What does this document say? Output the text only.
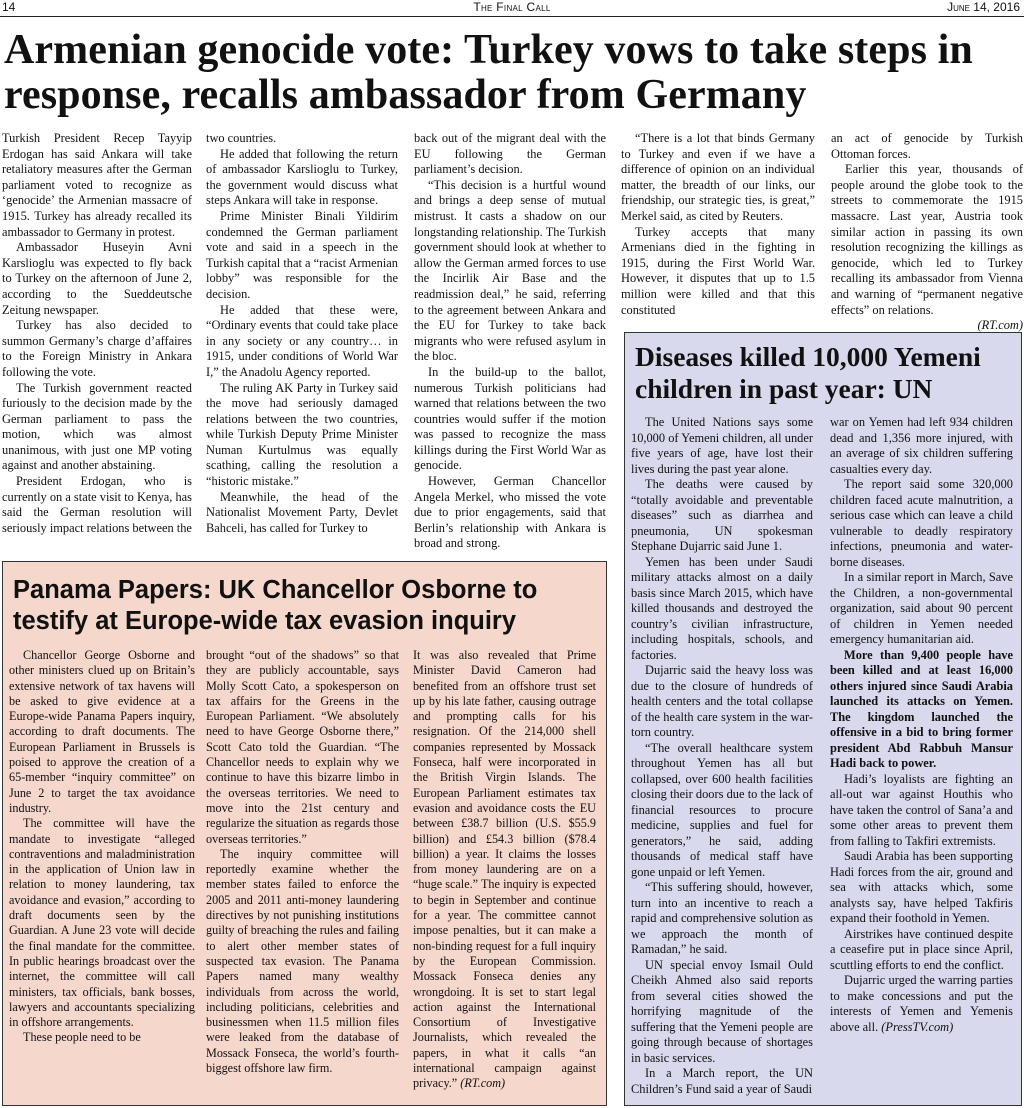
14	The Final Call	June 14, 2016
Armenian genocide vote: Turkey vows to take steps in response, recalls ambassador from Germany

Turkish President Recep Tayyip Erdogan has said Ankara will take retaliatory measures after the German parliament voted to recognize as ‘genocide’ the Armenian massacre of 1915. Turkey has already recalled its ambassador to Germany in protest.

Ambassador Huseyin Avni Karslioglu was expected to fly back to Turkey on the afternoon of June 2, according to the Sueddeutsche Zeitung newspaper.

Turkey has also decided to summon Germany’s charge d’affaires to the Foreign Ministry in Ankara following the vote.

The Turkish government reacted furiously to the decision made by the German parliament to pass the motion, which was almost unanimous, with just one MP voting against and another abstaining.

President Erdogan, who is currently on a state visit to Kenya, has said the German resolution will seriously impact relations between the

two countries.

He added that following the return of ambassador Karslioglu to Turkey, the government would discuss what steps Ankara will take in response.

Prime Minister Binali Yildirim condemned the German parliament vote and said in a speech in the Turkish capital that a “racist Armenian lobby” was responsible for the decision.

He added that these were, “Ordinary events that could take place in any society or any country… in 1915, under conditions of World War I,” the Anadolu Agency reported.

The ruling AK Party in Turkey said the move had seriously damaged relations between the two countries, while Turkish Deputy Prime Minister Numan Kurtulmus was equally scathing, calling the resolution a “historic mistake.”

Meanwhile, the head of the Nationalist Movement Party, Devlet Bahceli, has called for Turkey to

back out of the migrant deal with the EU following the German parliament’s decision.

“This decision is a hurtful wound and brings a deep sense of mutual mistrust. It casts a shadow on our longstanding relationship. The Turkish government should look at whether to allow the German armed forces to use the Incirlik Air Base and the readmission deal,” he said, referring to the agreement between Ankara and the EU for Turkey to take back migrants who were refused asylum in the bloc.

In the build-up to the ballot, numerous Turkish politicians had warned that relations between the two countries would suffer if the motion was passed to recognize the mass killings during the First World War as genocide.

However, German Chancellor Angela Merkel, who missed the vote due to prior engagements, said that Berlin’s relationship with Ankara is broad and strong.

“There is a lot that binds Germany to Turkey and even if we have a difference of opinion on an individual matter, the breadth of our links, our friendship, our strategic ties, is great,” Merkel said, as cited by Reuters.

Turkey accepts that many Armenians died in the fighting in 1915, during the First World War. However, it disputes that up to 1.5 million were killed and that this constituted

an act of genocide by Turkish Ottoman forces.

Earlier this year, thousands of people around the globe took to the streets to commemorate the 1915 massacre. Last year, Austria took similar action in passing its own resolution recognizing the killings as genocide, which led to Turkey recalling its ambassador from Vienna and warning of “permanent negative effects” on relations.

(RT.com)

Panama Papers: UK Chancellor Osborne to testify at Europe-wide tax evasion inquiry

Chancellor George Osborne and other ministers clued up on Britain’s extensive network of tax havens will be asked to give evidence at a Europe-wide Panama Papers inquiry, according to draft documents. The European Parliament in Brussels is poised to approve the creation of a 65-member “inquiry committee” on June 2 to target the tax avoidance industry.

The committee will have the mandate to investigate “alleged contraventions and maladministration in the application of Union law in relation to money laundering, tax avoidance and evasion,” according to draft documents seen by the Guardian. A June 23 vote will decide the final mandate for the committee. In public hearings broadcast over the internet, the committee will call ministers, tax officials, bank bosses, lawyers and accountants specializing in offshore arrangements.

These people need to be

brought “out of the shadows” so that they are publicly accountable, says Molly Scott Cato, a spokesperson on tax affairs for the Greens in the European Parliament. “We absolutely need to have George Osborne there,” Scott Cato told the Guardian. “The Chancellor needs to explain why we continue to have this bizarre limbo in the overseas territories. We need to move into the 21st century and regularize the situation as regards those overseas territories.”

The inquiry committee will reportedly examine whether the member states failed to enforce the 2005 and 2011 anti-money laundering directives by not punishing institutions guilty of breaching the rules and failing to alert other member states of suspected tax evasion. The Panama Papers named many wealthy individuals from across the world, including politicians, celebrities and businessmen when 11.5 million files were leaked from the database of Mossack Fonseca, the world’s fourth-biggest offshore law firm.

It was also revealed that Prime Minister David Cameron had benefited from an offshore trust set up by his late father, causing outrage and prompting calls for his resignation. Of the 214,000 shell companies represented by Mossack Fonseca, half were incorporated in the British Virgin Islands. The European Parliament estimates tax evasion and avoidance costs the EU between £38.7 billion (U.S. $55.9 billion) and £54.3 billion ($78.4 billion) a year. It claims the losses from money laundering are on a “huge scale.” The inquiry is expected to begin in September and continue for a year. The committee cannot impose penalties, but it can make a non-binding request for a full inquiry by the European Commission. Mossack Fonseca denies any wrongdoing. It is set to start legal action against the International Consortium of Investigative Journalists, which revealed the papers, in what it calls “an international campaign against privacy.” (RT.com)

Diseases killed 10,000 Yemeni children in past year: UN

The United Nations says some 10,000 of Yemeni children, all under five years of age, have lost their lives during the past year alone.

The deaths were caused by “totally avoidable and preventable diseases” such as diarrhea and pneumonia, UN spokesman Stephane Dujarric said June 1.

Yemen has been under Saudi military attacks almost on a daily basis since March 2015, which have killed thousands and destroyed the country’s civilian infrastructure, including hospitals, schools, and factories.

Dujarric said the heavy loss was due to the closure of hundreds of health centers and the total collapse of the health care system in the war-torn country.

“The overall healthcare system throughout Yemen has all but collapsed, over 600 health facilities closing their doors due to the lack of financial resources to procure medicine, supplies and fuel for generators,” he said, adding thousands of medical staff have gone unpaid or left Yemen.

“This suffering should, however, turn into an incentive to reach a rapid and comprehensive solution as we approach the month of Ramadan,” he said.

UN special envoy Ismail Ould Cheikh Ahmed also said reports from several cities showed the horrifying magnitude of the suffering that the Yemeni people are going through because of shortages in basic services.

In a March report, the UN Children’s Fund said a year of Saudi

war on Yemen had left 934 children dead and 1,356 more injured, with an average of six children suffering casualties every day.

The report said some 320,000 children faced acute malnutrition, a serious case which can leave a child vulnerable to deadly respiratory infections, pneumonia and water-borne diseases.

In a similar report in March, Save the Children, a non-governmental organization, said about 90 percent of children in Yemen needed emergency humanitarian aid.

More than 9,400 people have been killed and at least 16,000 others injured since Saudi Arabia launched its attacks on Yemen. The kingdom launched the offensive in a bid to bring former president Abd Rabbuh Mansur Hadi back to power.

Hadi’s loyalists are fighting an all-out war against Houthis who have taken the control of Sana’a and some other areas to prevent them from falling to Takfiri extremists.

Saudi Arabia has been supporting Hadi forces from the air, ground and sea with attacks which, some analysts say, have helped Takfiris expand their foothold in Yemen.

Airstrikes have continued despite a ceasefire put in place since April, scuttling efforts to end the conflict.

Dujarric urged the warring parties to make concessions and put the interests of Yemen and Yemenis above all. (PressTV.com)
